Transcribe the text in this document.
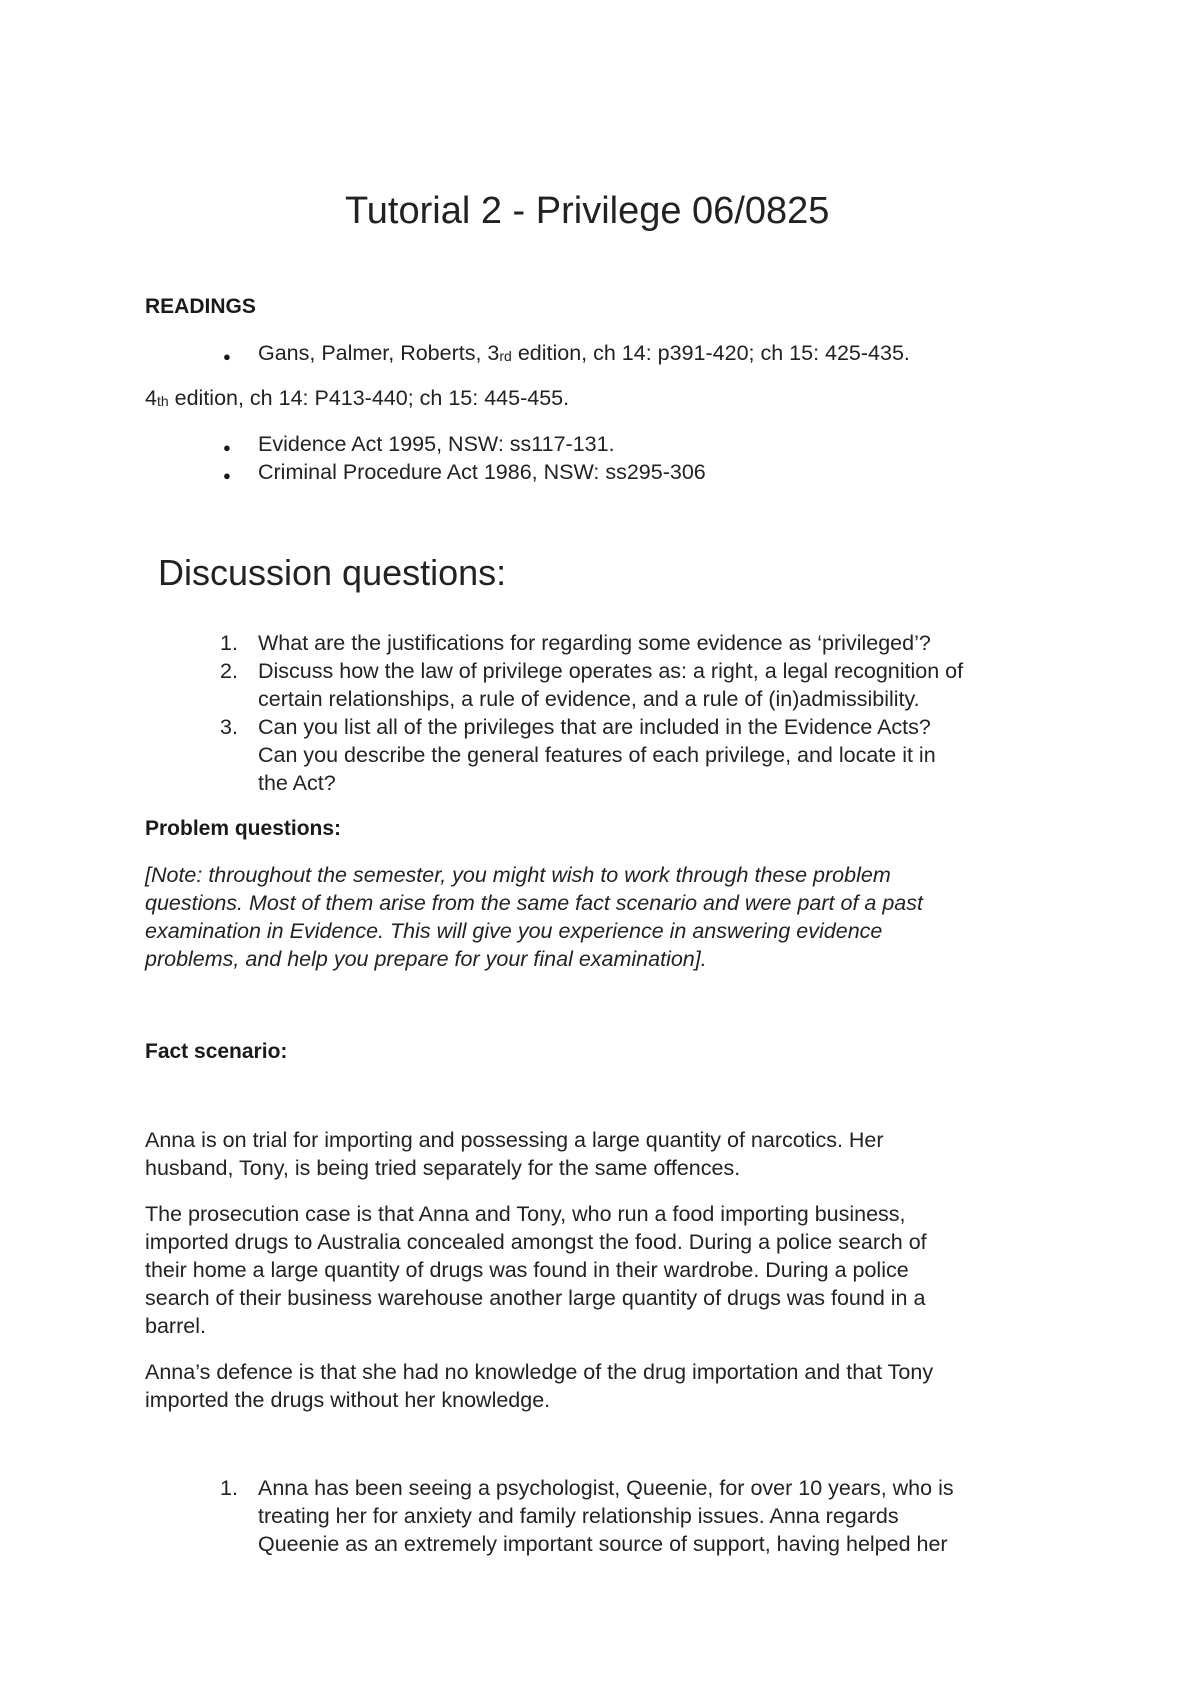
Tutorial 2 - Privilege 06/0825
READINGS
● Gans, Palmer, Roberts, 3rd edition, ch 14: p391-420; ch 15: 425-435.
4th edition, ch 14: P413-440; ch 15: 445-455.
● Evidence Act 1995, NSW: ss117-131.
● Criminal Procedure Act 1986, NSW: ss295-306
Discussion questions:
1. What are the justifications for regarding some evidence as ‘privileged’?
2. Discuss how the law of privilege operates as: a right, a legal recognition of
certain relationships, a rule of evidence, and a rule of (in)admissibility.
3. Can you list all of the privileges that are included in the Evidence Acts?
Can you describe the general features of each privilege, and locate it in
the Act?
Problem questions:
[Note: throughout the semester, you might wish to work through these problem
questions. Most of them arise from the same fact scenario and were part of a past
examination in Evidence. This will give you experience in answering evidence
problems, and help you prepare for your final examination].
Fact scenario:
Anna is on trial for importing and possessing a large quantity of narcotics. Her
husband, Tony, is being tried separately for the same offences.
The prosecution case is that Anna and Tony, who run a food importing business,
imported drugs to Australia concealed amongst the food. During a police search of
their home a large quantity of drugs was found in their wardrobe. During a police
search of their business warehouse another large quantity of drugs was found in a
barrel.
Anna’s defence is that she had no knowledge of the drug importation and that Tony
imported the drugs without her knowledge.
1. Anna has been seeing a psychologist, Queenie, for over 10 years, who is
treating her for anxiety and family relationship issues. Anna regards
Queenie as an extremely important source of support, having helped her
